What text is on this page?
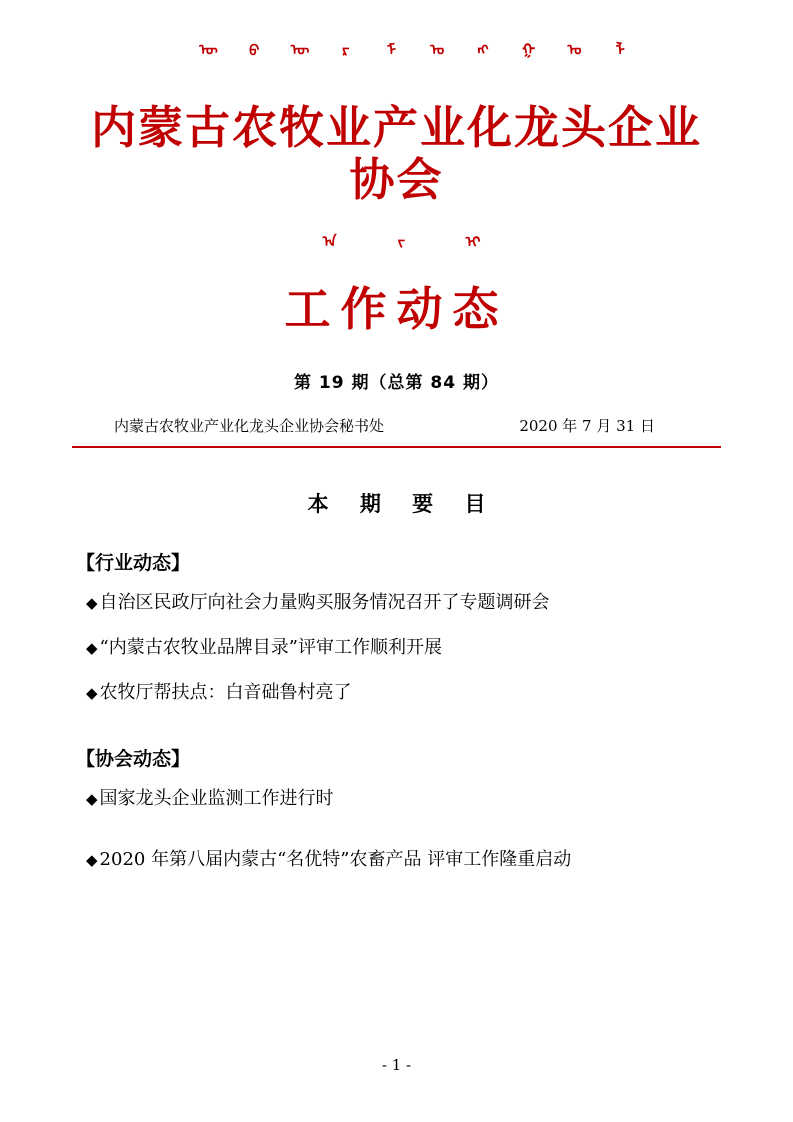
ᠦ ᠪ ᠦ ᠷ ᠮ ᠣ ᠩ ᠭ ᠣ ᠯ
内蒙古农牧业产业化龙头企业协会
ᠠ	ᠵ	ᠢ
工作动态
第 19 期（总第 84 期）
内蒙古农牧业产业化龙头企业协会秘书处	2020 年 7 月 31 日
本 期 要 目
【行业动态】
◆ 自治区民政厅向社会力量购买服务情况召开了专题调研会
◆ “内蒙古农牧业品牌目录”评审工作顺利开展
◆ 农牧厅帮扶点：白音础鲁村亮了
【协会动态】
◆ 国家龙头企业监测工作进行时
◆ 2020 年第八届内蒙古“名优特”农畜产品 评审工作隆重启动
- 1 -
